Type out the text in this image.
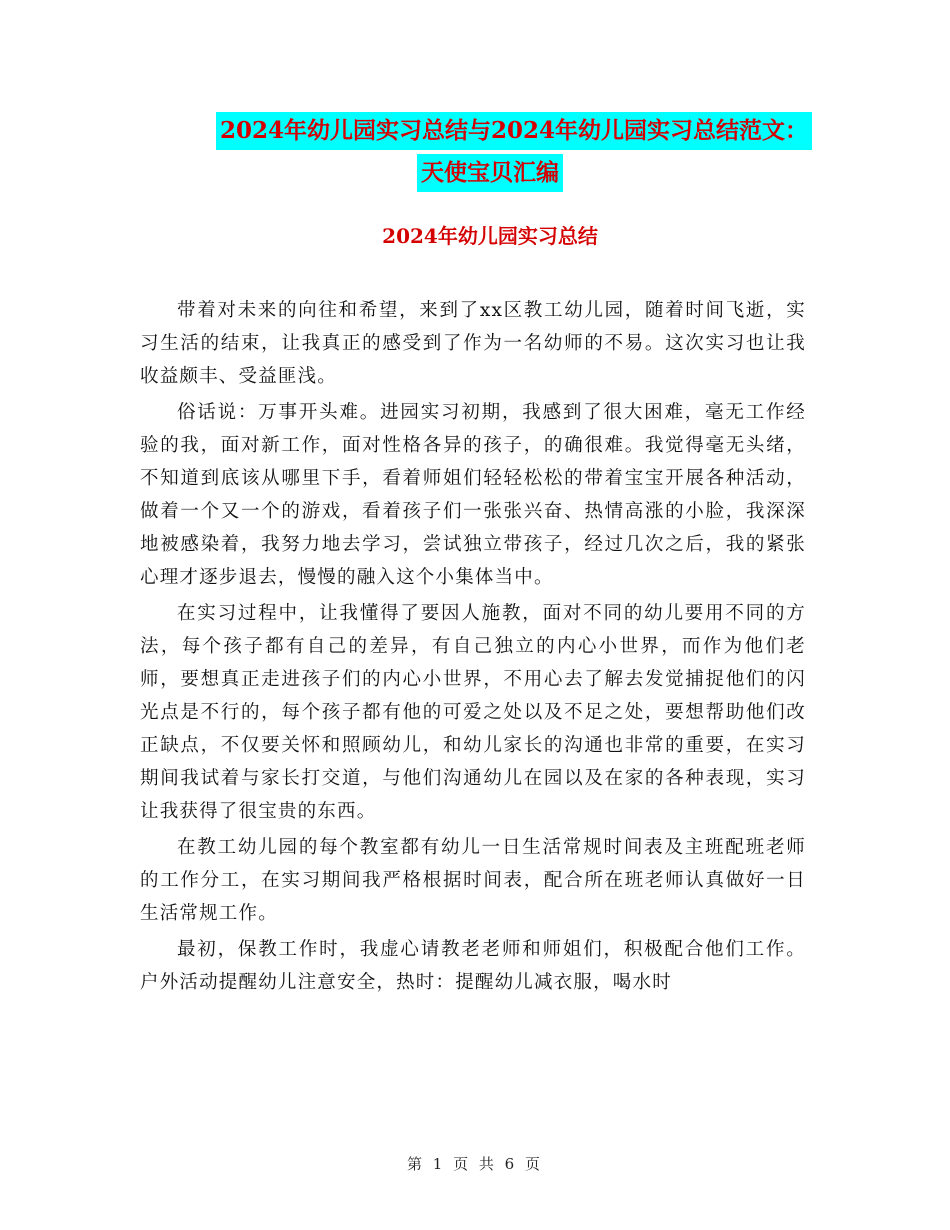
2024年幼儿园实习总结与2024年幼儿园实习总结范文：
天使宝贝汇编
2024年幼儿园实习总结

带着对未来的向往和希望，来到了xx区教工幼儿园，随着时间飞逝，实习生活的结束，让我真正的感受到了作为一名幼师的不易。这次实习也让我收益颇丰、受益匪浅。

俗话说：万事开头难。进园实习初期，我感到了很大困难，毫无工作经验的我，面对新工作，面对性格各异的孩子，的确很难。我觉得毫无头绪，不知道到底该从哪里下手，看着师姐们轻轻松松的带着宝宝开展各种活动，做着一个又一个的游戏，看着孩子们一张张兴奋、热情高涨的小脸，我深深地被感染着，我努力地去学习，尝试独立带孩子，经过几次之后，我的紧张心理才逐步退去，慢慢的融入这个小集体当中。

在实习过程中，让我懂得了要因人施教，面对不同的幼儿要用不同的方法，每个孩子都有自己的差异，有自己独立的内心小世界，而作为他们老师，要想真正走进孩子们的内心小世界，不用心去了解去发觉捕捉他们的闪光点是不行的，每个孩子都有他的可爱之处以及不足之处，要想帮助他们改正缺点，不仅要关怀和照顾幼儿，和幼儿家长的沟通也非常的重要，在实习期间我试着与家长打交道，与他们沟通幼儿在园以及在家的各种表现，实习让我获得了很宝贵的东西。

在教工幼儿园的每个教室都有幼儿一日生活常规时间表及主班配班老师的工作分工，在实习期间我严格根据时间表，配合所在班老师认真做好一日生活常规工作。

最初，保教工作时，我虚心请教老老师和师姐们，积极配合他们工作。户外活动提醒幼儿注意安全，热时：提醒幼儿减衣服，喝水时

第 1 页 共 6 页
